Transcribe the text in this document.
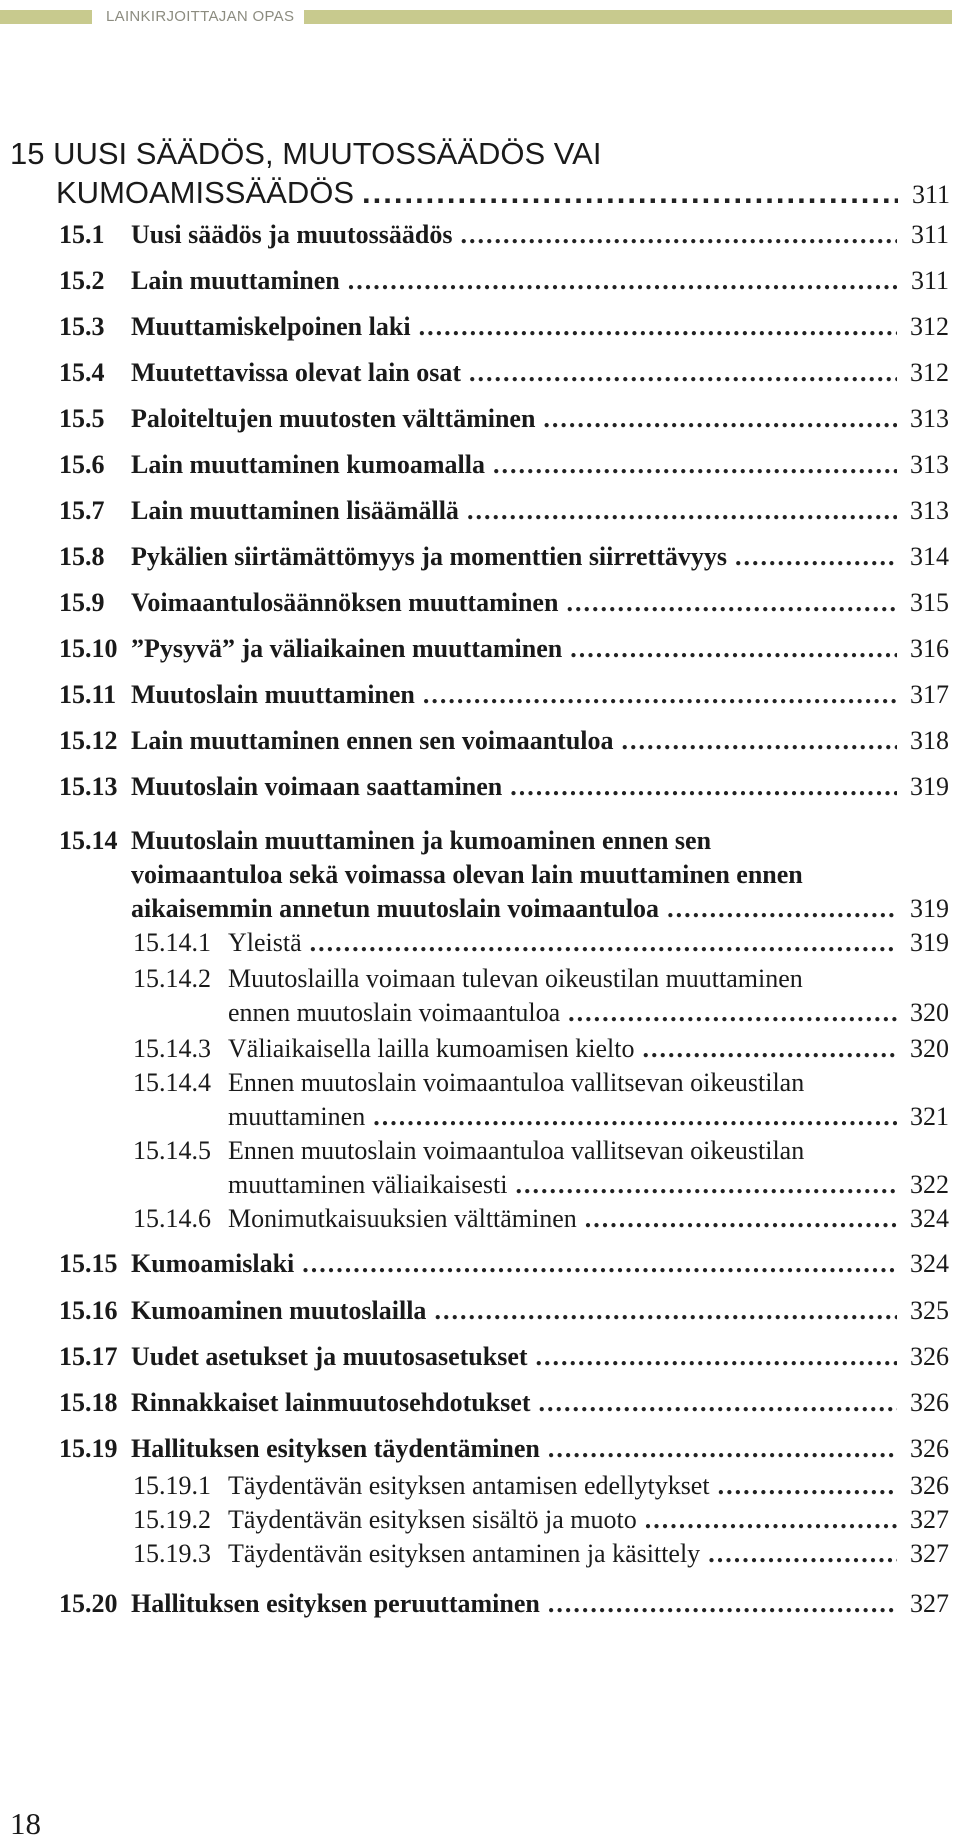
LAINKIRJOITTAJAN OPAS
15 UUSI SÄÄDÖS, MUUTOSSÄÄDÖS VAI
KUMOAMISSÄÄDÖS .....	311
15.1	Uusi säädös ja muutossäädös .....	311
15.2	Lain muuttaminen .....	311
15.3	Muuttamiskelpoinen laki .....	312
15.4	Muutettavissa olevat lain osat .....	312
15.5	Paloiteltujen muutosten välttäminen .....	313
15.6	Lain muuttaminen kumoamalla .....	313
15.7	Lain muuttaminen lisäämällä .....	313
15.8	Pykälien siirtämättömyys ja momenttien siirrettävyys .....	314
15.9	Voimaantulosäännöksen muuttaminen .....	315
15.10 ”Pysyvä” ja väliaikainen muuttaminen .....	316
15.11 Muutoslain muuttaminen .....	317
15.12 Lain muuttaminen ennen sen voimaantuloa .....	318
15.13 Muutoslain voimaan saattaminen .....	319
15.14 Muutoslain muuttaminen ja kumoaminen ennen sen
voimaantuloa sekä voimassa olevan lain muuttaminen ennen
aikaisemmin annetun muutoslain voimaantuloa .....	319
15.14.1 Yleistä .....	319
15.14.2 Muutoslailla voimaan tulevan oikeustilan muuttaminen
ennen muutoslain voimaantuloa .....	320
15.14.3 Väliaikaisella lailla kumoamisen kielto .....	320
15.14.4 Ennen muutoslain voimaantuloa vallitsevan oikeustilan
muuttaminen .....	321
15.14.5 Ennen muutoslain voimaantuloa vallitsevan oikeustilan
muuttaminen väliaikaisesti .....	322
15.14.6 Monimutkaisuuksien välttäminen .....	324
15.15 Kumoamislaki .....	324
15.16 Kumoaminen muutoslailla .....	325
15.17 Uudet asetukset ja muutosasetukset .....	326
15.18 Rinnakkaiset lainmuutosehdotukset .....	326
15.19 Hallituksen esityksen täydentäminen .....	326
15.19.1 Täydentävän esityksen antamisen edellytykset .....	326
15.19.2 Täydentävän esityksen sisältö ja muoto .....	327
15.19.3 Täydentävän esityksen antaminen ja käsittely .....	327
15.20 Hallituksen esityksen peruuttaminen .....	327
18
